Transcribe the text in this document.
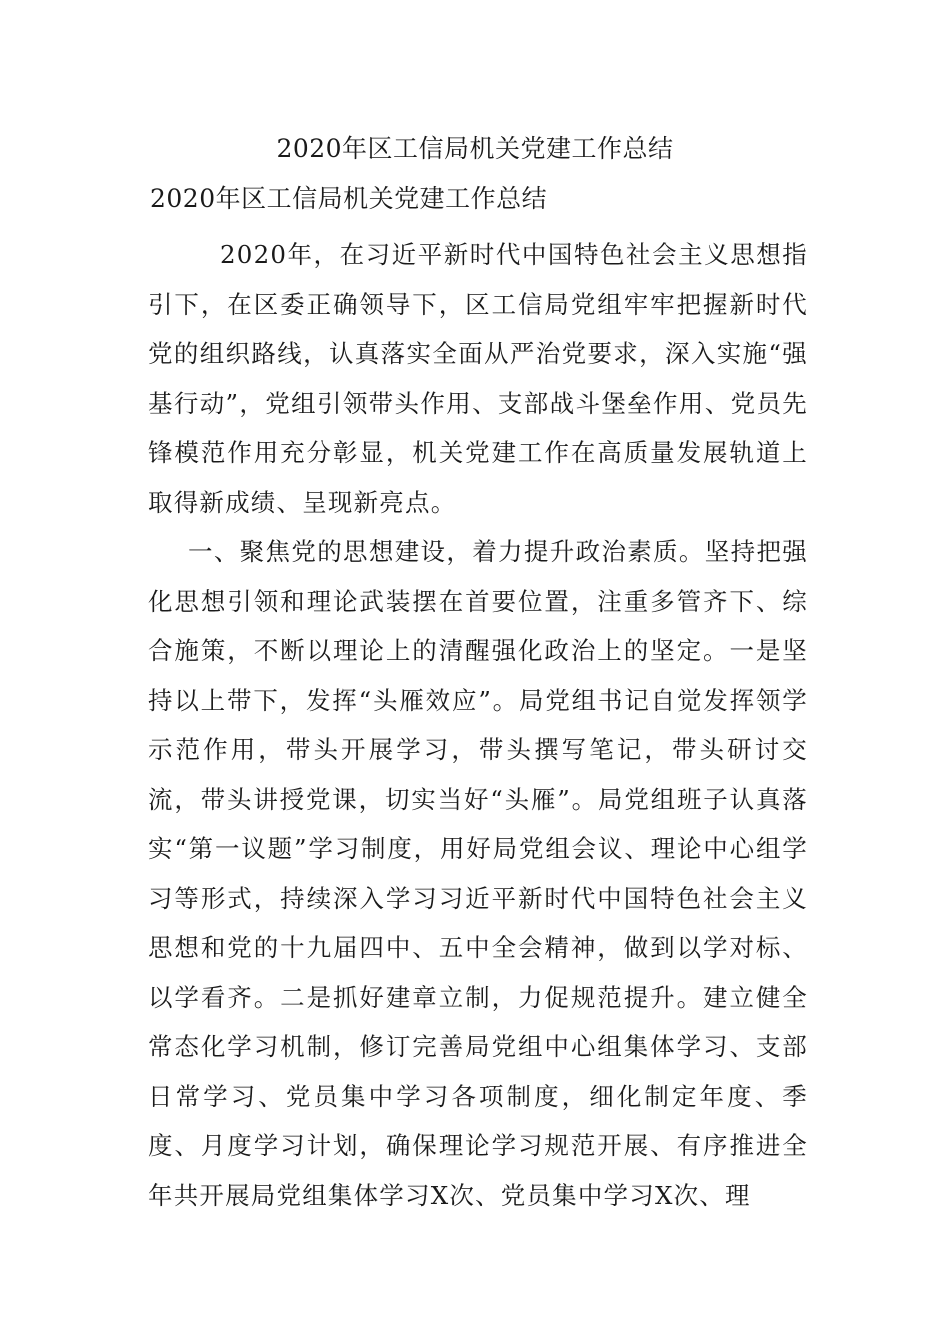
2020年区工信局机关党建工作总结
2020年区工信局机关党建工作总结

2020年，在习近平新时代中国特色社会主义思想指引下，在区委正确领导下，区工信局党组牢牢把握新时代党的组织路线，认真落实全面从严治党要求，深入实施“强基行动”，党组引领带头作用、支部战斗堡垒作用、党员先锋模范作用充分彰显，机关党建工作在高质量发展轨道上取得新成绩、呈现新亮点。

一、聚焦党的思想建设，着力提升政治素质。坚持把强化思想引领和理论武装摆在首要位置，注重多管齐下、综合施策，不断以理论上的清醒强化政治上的坚定。一是坚持以上带下，发挥“头雁效应”。局党组书记自觉发挥领学示范作用，带头开展学习，带头撰写笔记，带头研讨交流，带头讲授党课，切实当好“头雁”。局党组班子认真落实“第一议题”学习制度，用好局党组会议、理论中心组学习等形式，持续深入学习习近平新时代中国特色社会主义思想和党的十九届四中、五中全会精神，做到以学对标、以学看齐。二是抓好建章立制，力促规范提升。建立健全常态化学习机制，修订完善局党组中心组集体学习、支部日常学习、党员集中学习各项制度，细化制定年度、季度、月度学习计划，确保理论学习规范开展、有序推进全年共开展局党组集体学习X次、党员集中学习X次、理
